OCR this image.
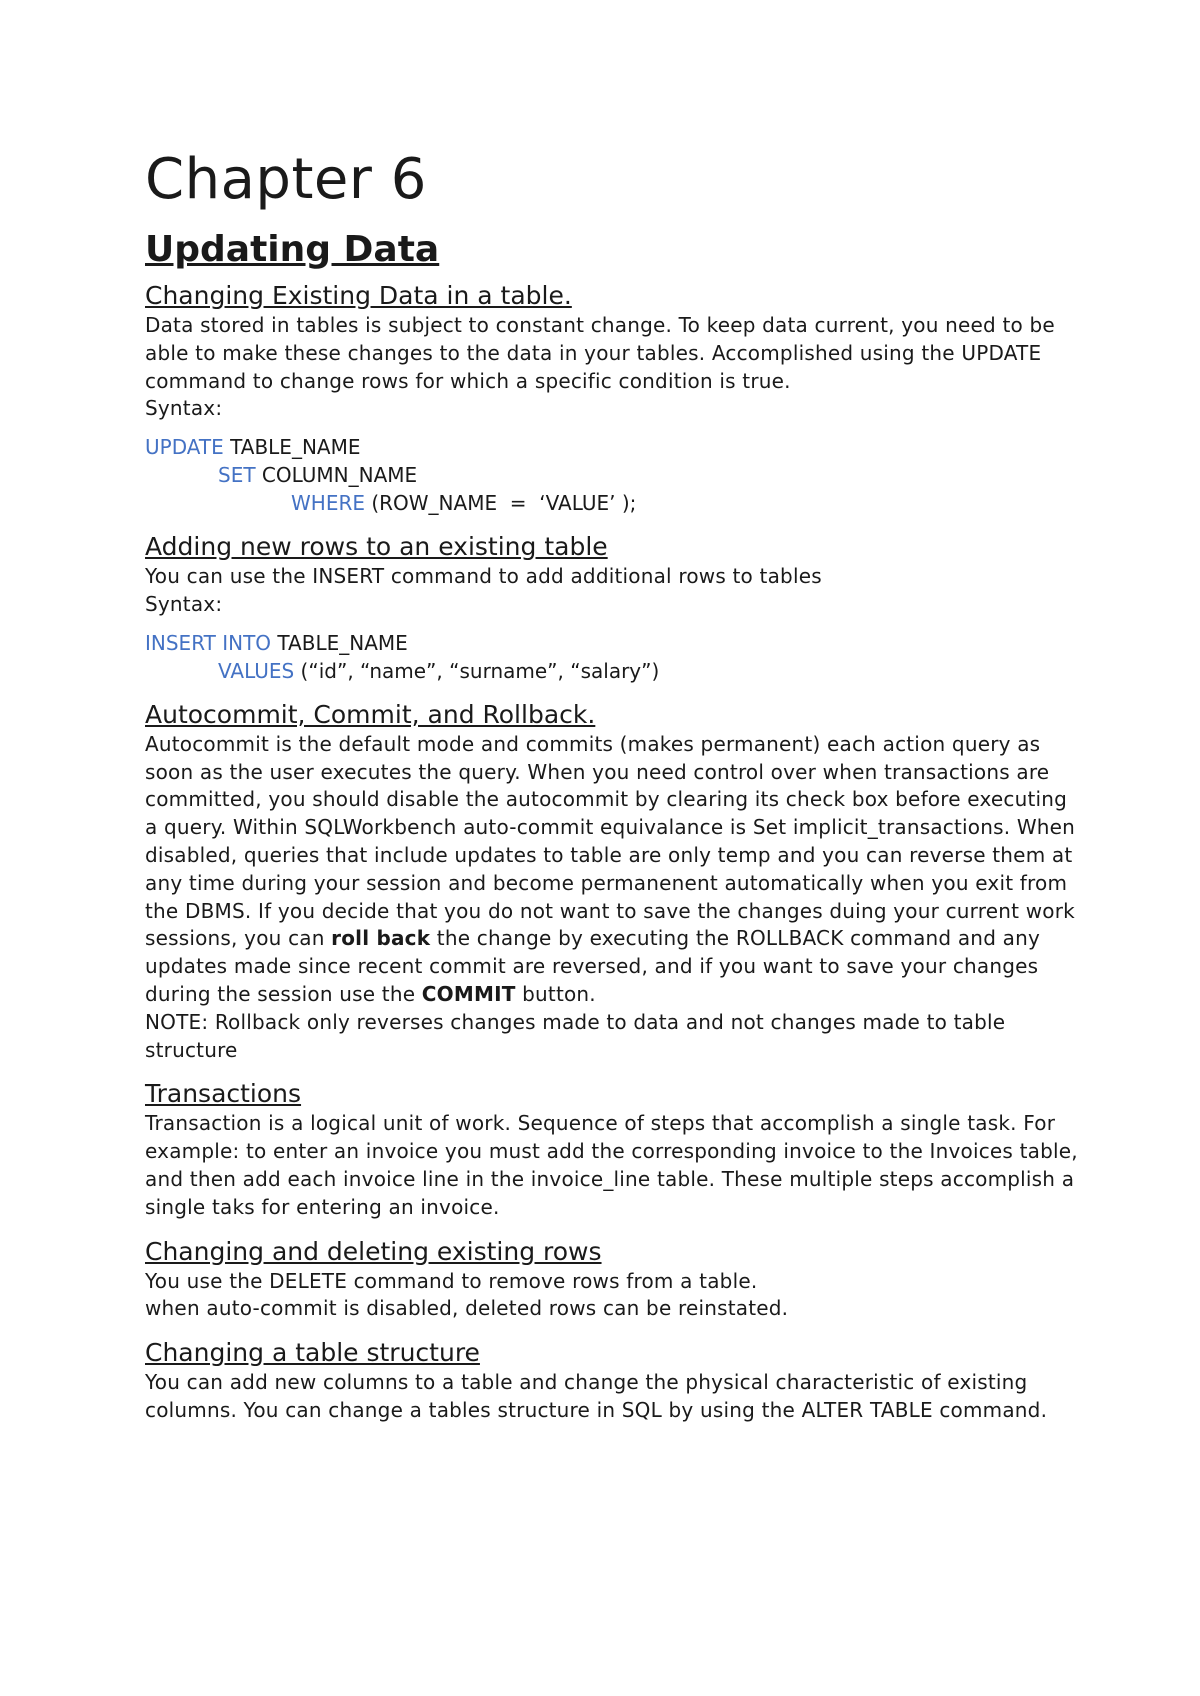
Chapter 6
Updating Data
Changing Existing Data in a table.

Data stored in tables is subject to constant change. To keep data current, you need to be able to make these changes to the data in your tables. Accomplished using the UPDATE command to change rows for which a specific condition is true.

Syntax:

UPDATE TABLE_NAME
SET COLUMN_NAME
WHERE (ROW_NAME  =  ‘VALUE’ );
Adding new rows to an existing table

You can use the INSERT command to add additional rows to tables

Syntax:

INSERT INTO TABLE_NAME
VALUES (“id”, “name”, “surname”, “salary”)
Autocommit, Commit, and Rollback.

Autocommit is the default mode and commits (makes permanent) each action query as soon as the user executes the query. When you need control over when transactions are committed, you should disable the autocommit by clearing its check box before executing a query. Within SQLWorkbench auto-commit equivalance is Set implicit_transactions. When disabled, queries that include updates to table are only temp and you can reverse them at any time during your session and become permanenent automatically when you exit from the DBMS. If you decide that you do not want to save the changes duing your current work sessions, you can roll back the change by executing the ROLLBACK command and any updates made since recent commit are reversed, and if you want to save your changes during the session use the COMMIT button.

NOTE: Rollback only reverses changes made to data and not changes made to table structure

Transactions

Transaction is a logical unit of work. Sequence of steps that accomplish a single task. For example: to enter an invoice you must add the corresponding invoice to the Invoices table, and then add each invoice line in the invoice_line table. These multiple steps accomplish a single taks for entering an invoice.

Changing and deleting existing rows

You use the DELETE command to remove rows from a table.

when auto-commit is disabled, deleted rows can be reinstated.

Changing a table structure

You can add new columns to a table and change the physical characteristic of existing columns. You can change a tables structure in SQL by using the ALTER TABLE command.
